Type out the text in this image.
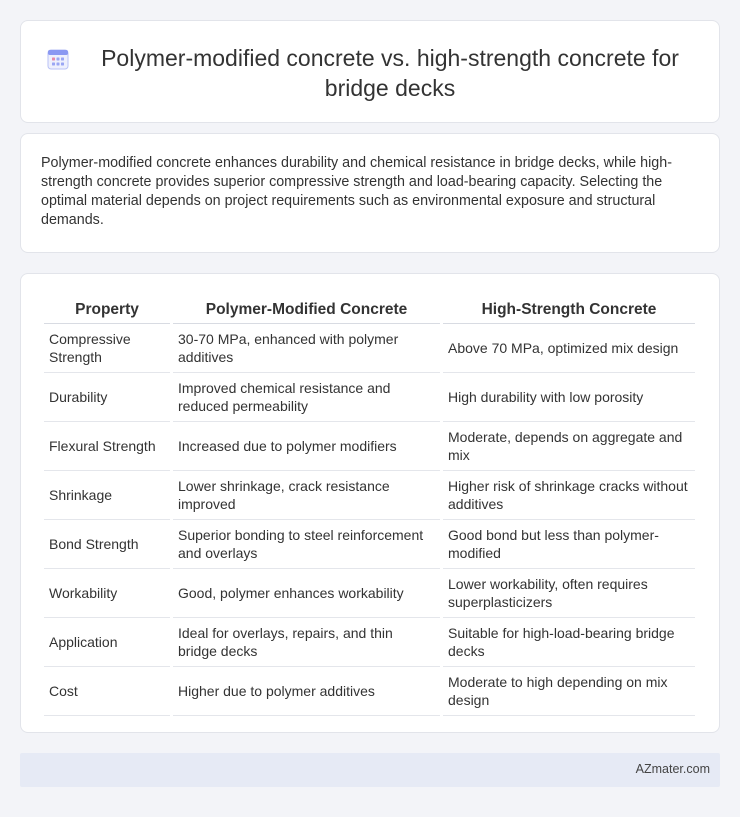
Polymer-modified concrete vs. high-strength concrete for bridge decks

Polymer-modified concrete enhances durability and chemical resistance in bridge decks, while high-strength concrete provides superior compressive strength and load-bearing capacity. Selecting the optimal material depends on project requirements such as environmental exposure and structural demands.

Property	Polymer-Modified Concrete	High-Strength Concrete
Compressive Strength	30-70 MPa, enhanced with polymer additives	Above 70 MPa, optimized mix design
Durability	Improved chemical resistance and reduced permeability	High durability with low porosity
Flexural Strength	Increased due to polymer modifiers	Moderate, depends on aggregate and mix
Shrinkage	Lower shrinkage, crack resistance improved	Higher risk of shrinkage cracks without additives
Bond Strength	Superior bonding to steel reinforcement and overlays	Good bond but less than polymer-modified
Workability	Good, polymer enhances workability	Lower workability, often requires superplasticizers
Application	Ideal for overlays, repairs, and thin bridge decks	Suitable for high-load-bearing bridge decks
Cost	Higher due to polymer additives	Moderate to high depending on mix design
AZmater.com
